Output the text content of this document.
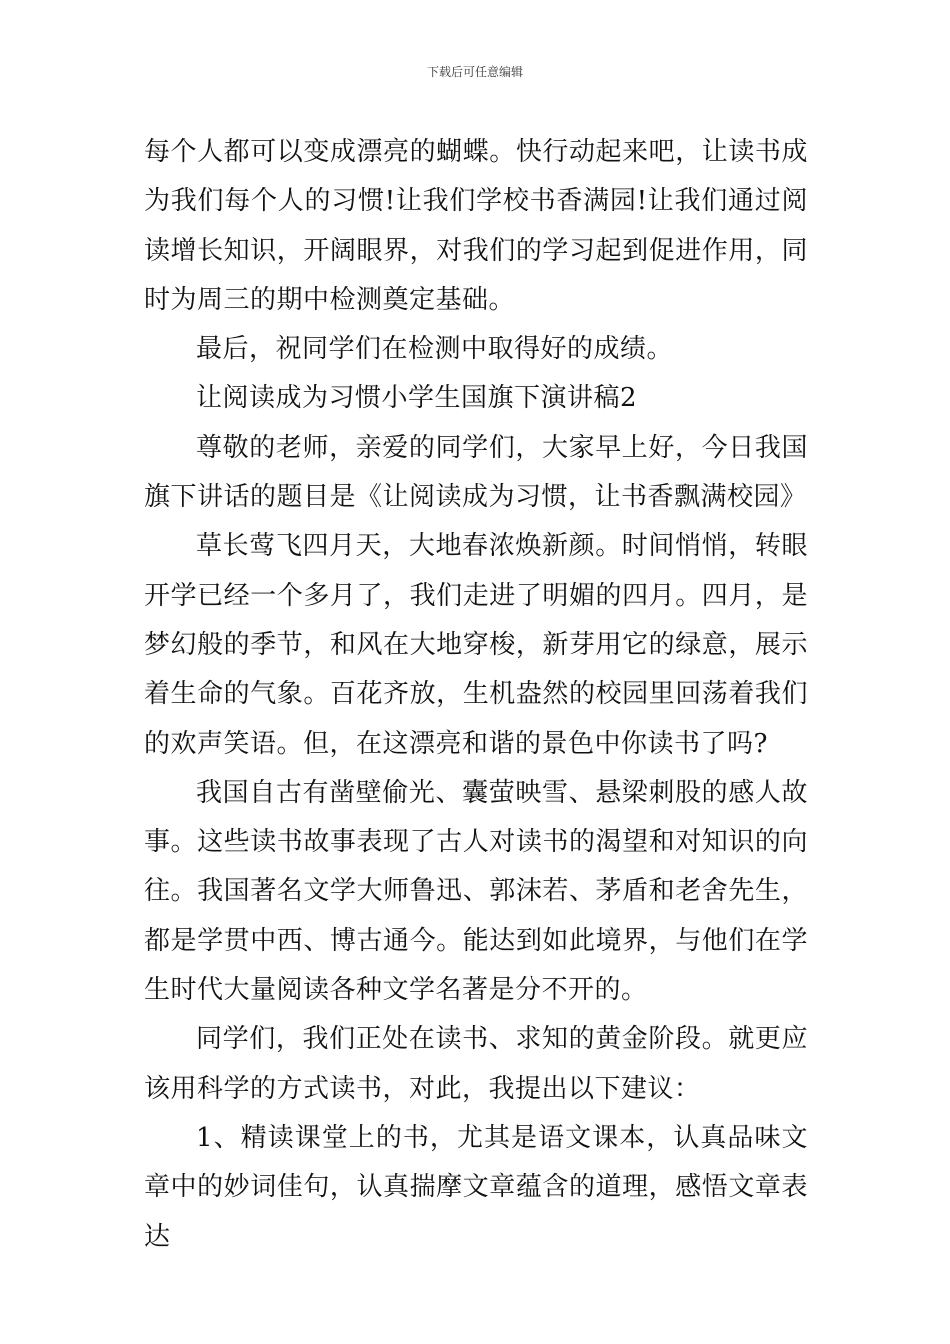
下载后可任意编辑

每个人都可以变成漂亮的蝴蝶。快行动起来吧，让读书成为我们每个人的习惯!让我们学校书香满园!让我们通过阅读增长知识，开阔眼界，对我们的学习起到促进作用，同时为周三的期中检测奠定基础。

最后，祝同学们在检测中取得好的成绩。

让阅读成为习惯小学生国旗下演讲稿2

尊敬的老师，亲爱的同学们，大家早上好，今日我国旗下讲话的题目是《让阅读成为习惯，让书香飘满校园》

草长莺飞四月天，大地春浓焕新颜。时间悄悄，转眼开学已经一个多月了，我们走进了明媚的四月。四月，是梦幻般的季节，和风在大地穿梭，新芽用它的绿意，展示着生命的气象。百花齐放，生机盎然的校园里回荡着我们的欢声笑语。但，在这漂亮和谐的景色中你读书了吗?

我国自古有凿壁偷光、囊萤映雪、悬梁刺股的感人故事。这些读书故事表现了古人对读书的渴望和对知识的向往。我国著名文学大师鲁迅、郭沫若、茅盾和老舍先生，都是学贯中西、博古通今。能达到如此境界，与他们在学生时代大量阅读各种文学名著是分不开的。

同学们，我们正处在读书、求知的黄金阶段。就更应该用科学的方式读书，对此，我提出以下建议：

1、精读课堂上的书，尤其是语文课本，认真品味文章中的妙词佳句，认真揣摩文章蕴含的道理，感悟文章表达
